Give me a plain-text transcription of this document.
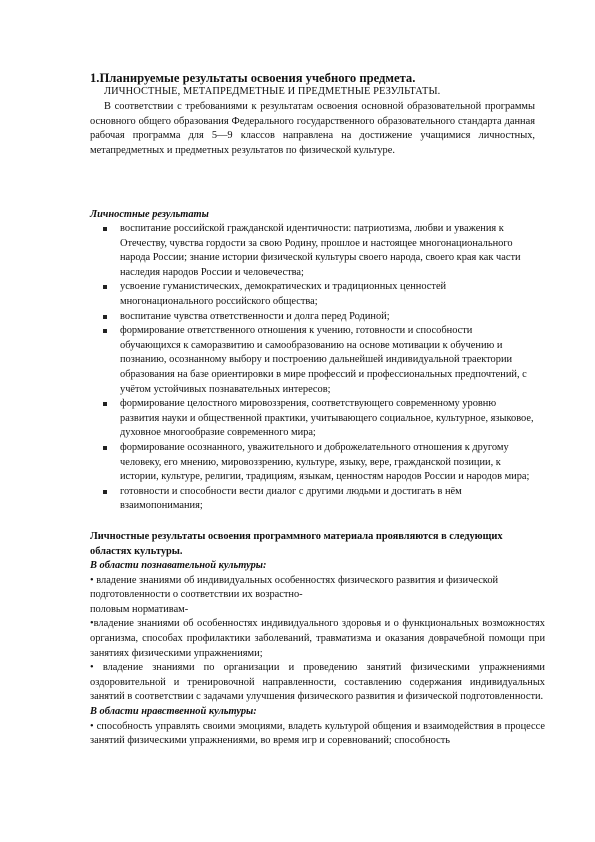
1.Планируемые результаты освоения учебного предмета.
ЛИЧНОСТНЫЕ, МЕТАПРЕДМЕТНЫЕ И ПРЕДМЕТНЫЕ РЕЗУЛЬТАТЫ.
В соответствии с требованиями к результатам освоения основной образовательной программы основного общего образования Федерального государственного образовательного стандарта данная рабочая программа для 5—9 классов направлена на достижение учащимися личностных, метапредметных и предметных результатов по физической культуре.
Личностные результаты
воспитание российской гражданской идентичности: патриотизма, любви и уважения к Отечеству, чувства гордости за свою Родину, прошлое и настоящее многонационального народа России; знание истории физической культуры своего народа, своего края как части наследия народов России и человечества;
усвоение гуманистических, демократических и традиционных ценностей многонационального российского общества;
воспитание чувства ответственности и долга перед Родиной;
формирование ответственного отношения к учению, готовности и способности обучающихся к саморазвитию и самообразованию на основе мотивации к обучению и познанию, осознанному выбору и построению дальнейшей индивидуальной траектории образования на базе ориентировки в мире профессий и профессиональных предпочтений, с учётом устойчивых познавательных интересов;
формирование целостного мировоззрения, соответствующего современному уровню развития науки и общественной практики, учитывающего социальное, культурное, языковое, духовное многообразие современного мира;
формирование осознанного, уважительного и доброжелательного отношения к другому человеку, его мнению, мировоззрению, культуре, языку, вере, гражданской позиции, к истории, культуре, религии, традициям, языкам, ценностям народов России и народов мира;
готовности и способности вести диалог с другими людьми и достигать в нём взаимопонимания;
Личностные результаты освоения программного материала проявляются в следующих областях культуры.
В области познавательной культуры:
• владение знаниями об индивидуальных особенностях физического развития и физической подготовленности о соответствии их возрастно-
половым нормативам-
•владение знаниями об особенностях индивидуального здоровья и о функциональных возможностях организма, способах профилактики заболеваний, травматизма и оказания доврачебной помощи при занятиях физическими упражнениями;
• владение знаниями по организации и проведению занятий физическими упражнениями оздоровительной и тренировочной направленности, составлению содержания индивидуальных занятий в соответствии с задачами улучшения физического развития и физической подготовленности.
В области нравственной культуры:
• способность управлять своими эмоциями, владеть культурой общения и взаимодействия в процессе занятий физическими упражнениями, во время игр и соревнований; способность
